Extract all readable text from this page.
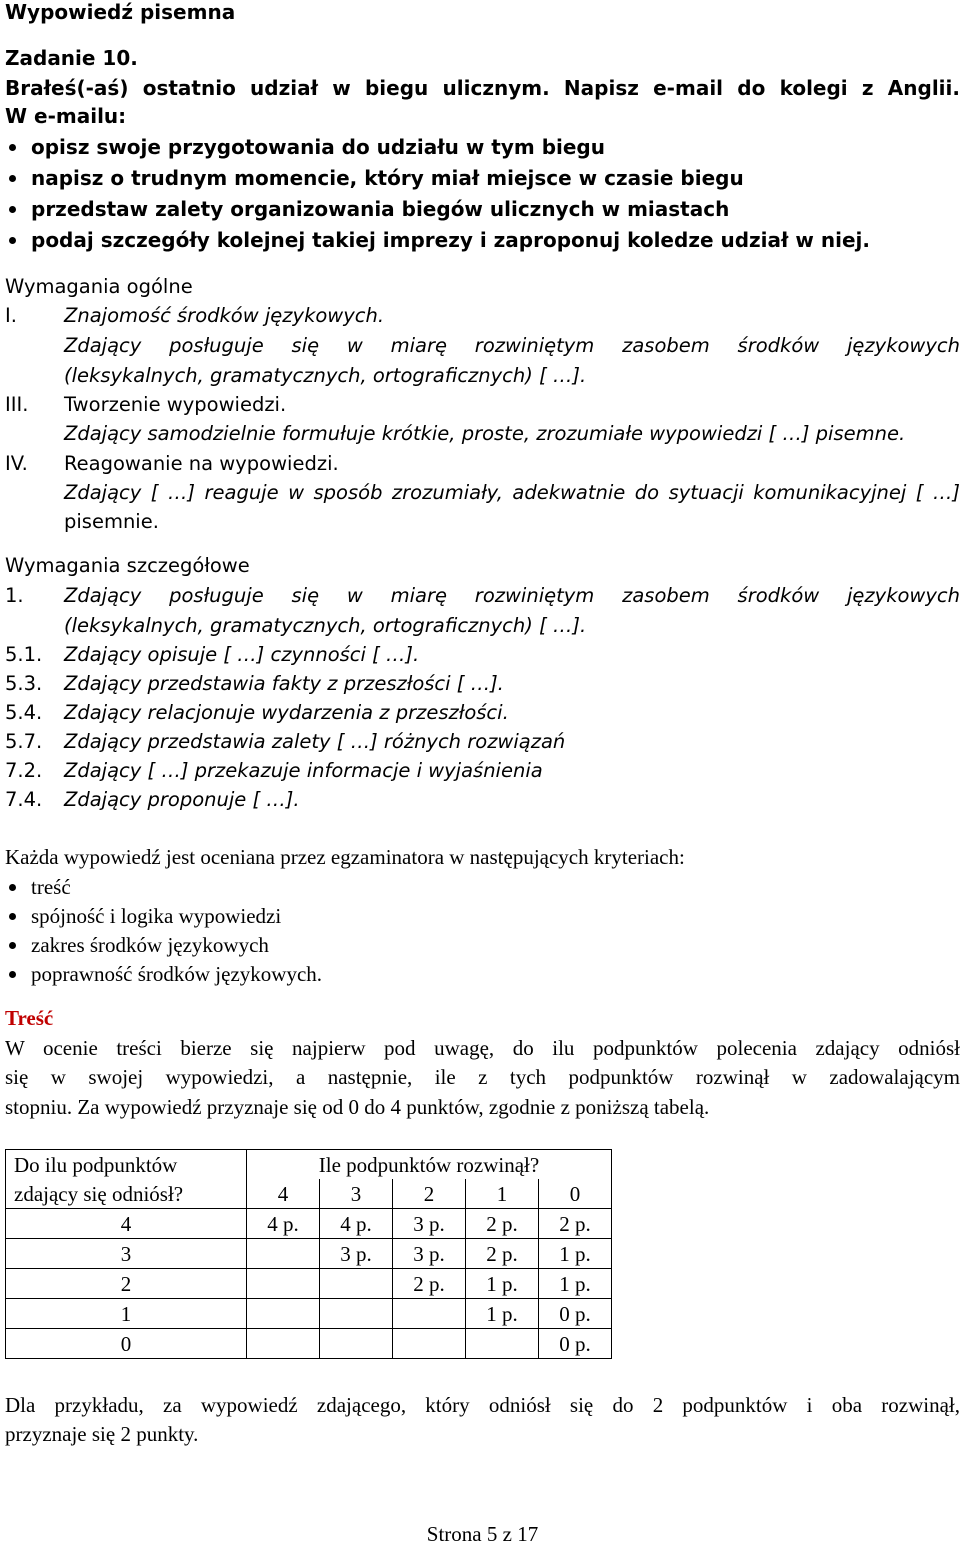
Wypowiedź pisemna
Zadanie 10.
Brałeś(-aś) ostatnio udział w biegu ulicznym. Napisz e-mail do kolegi z Anglii.
W e-mailu:
opisz swoje przygotowania do udziału w tym biegu
napisz o trudnym momencie, który miał miejsce w czasie biegu
przedstaw zalety organizowania biegów ulicznych w miastach
podaj szczegóły kolejnej takiej imprezy i zaproponuj koledze udział w niej.
Wymagania ogólne
I.	Znajomość środków językowych.
Zdający posługuje się w miarę rozwiniętym zasobem środków językowych
(leksykalnych, gramatycznych, ortograficznych) [ …].
III.	Tworzenie wypowiedzi.
Zdający samodzielnie formułuje krótkie, proste, zrozumiałe wypowiedzi [ …] pisemne.
IV.	Reagowanie na wypowiedzi.
Zdający [ …] reaguje w sposób zrozumiały, adekwatnie do sytuacji komunikacyjnej [ …]
pisemnie.
Wymagania szczegółowe
1.	Zdający posługuje się w miarę rozwiniętym zasobem środków językowych
(leksykalnych, gramatycznych, ortograficznych) [ …].
5.1.	Zdający opisuje [ …] czynności [ …].
5.3.	Zdający przedstawia fakty z przeszłości [ …].
5.4.	Zdający relacjonuje wydarzenia z przeszłości.
5.7.	Zdający przedstawia zalety [ …] różnych rozwiązań
7.2.	Zdający [ …] przekazuje informacje i wyjaśnienia
7.4.	Zdający proponuje [ …].
Każda wypowiedź jest oceniana przez egzaminatora w następujących kryteriach:
treść
spójność i logika wypowiedzi
zakres środków językowych
poprawność środków językowych.
Treść
W ocenie treści bierze się najpierw pod uwagę, do ilu podpunktów polecenia zdający odniósł
się w swojej wypowiedzi, a następnie, ile z tych podpunktów rozwinął w zadowalającym
stopniu. Za wypowiedź przyznaje się od 0 do 4 punktów, zgodnie z poniższą tabelą.
Do ilu podpunktów	Ile podpunktów rozwinął?				
zdający się odniósł?	4	3	2	1	0
4	4 p.	4 p.	3 p.	2 p.	2 p.
3		3 p.	3 p.	2 p.	1 p.
2			2 p.	1 p.	1 p.
1				1 p.	0 p.
0					0 p.
Dla przykładu, za wypowiedź zdającego, który odniósł się do 2 podpunktów i oba rozwinął,
przyznaje się 2 punkty.
Strona 5 z 17
